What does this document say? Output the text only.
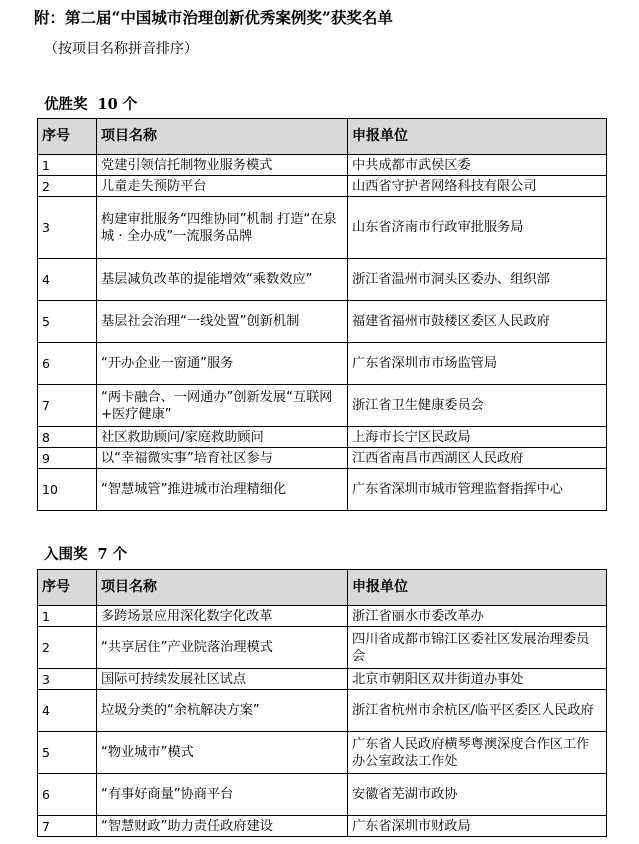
附：第二届“中国城市治理创新优秀案例奖”获奖名单
（按项目名称拼音排序）
优胜奖 10 个
序号	项目名称	申报单位
1	党建引领信托制物业服务模式	中共成都市武侯区委
2	儿童走失预防平台	山西省守护者网络科技有限公司
3	构建审批服务“四维协同”机制 打造“在泉城 · 全办成”一流服务品牌	山东省济南市行政审批服务局
4	基层减负改革的提能增效“乘数效应”	浙江省温州市洞头区委办、组织部
5	基层社会治理“一线处置”创新机制	福建省福州市鼓楼区委区人民政府
6	“开办企业一窗通”服务	广东省深圳市市场监管局
7	“两卡融合、一网通办”创新发展“互联网+医疗健康”	浙江省卫生健康委员会
8	社区救助顾问/家庭救助顾问	上海市长宁区民政局
9	以“幸福微实事”培育社区参与	江西省南昌市西湖区人民政府
10	“智慧城管”推进城市治理精细化	广东省深圳市城市管理监督指挥中心
入围奖 7 个
序号	项目名称	申报单位
1	多跨场景应用深化数字化改革	浙江省丽水市委改革办
2	“共享居住”产业院落治理模式	四川省成都市锦江区委社区发展治理委员会
3	国际可持续发展社区试点	北京市朝阳区双井街道办事处
4	垃圾分类的“余杭解决方案”	浙江省杭州市余杭区/临平区委区人民政府
5	“物业城市”模式	广东省人民政府横琴粤澳深度合作区工作办公室政法工作处
6	“有事好商量”协商平台	安徽省芜湖市政协
7	“智慧财政”助力责任政府建设	广东省深圳市财政局
